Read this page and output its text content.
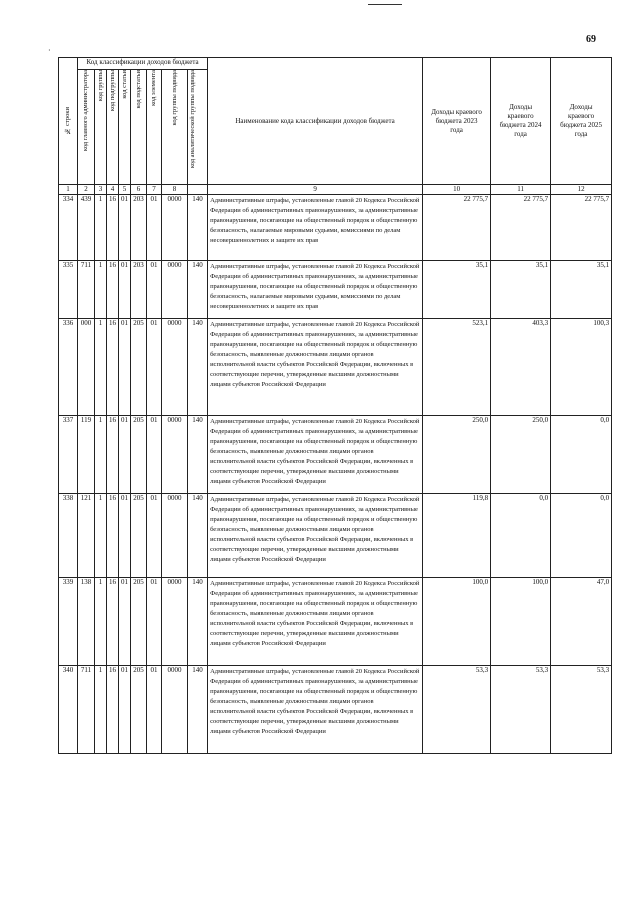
69
·
№ строки	Код классификации доходов бюджета								Наименование кода классификации доходов бюджета	Доходы краевого бюджета 2023 года	Доходы краевого бюджета 2024 года	Доходы краевого бюджета 2025 года

	код главного администратора	код группы	код подгруппы	код статьи	код подстатьи	код элемента	код группы подвида	код аналитической группы подвида				

1	2	3	4	5	6	7	8		9	10	11	12
334	439	1	16	01	203	01	0000	140	Административные штрафы, установленные главой 20 Кодекса Российской Федерации об административных правонарушениях, за административные правонарушения, посягающие на общественный порядок и общественную безопасность, налагаемые мировыми судьями, комиссиями по делам несовершеннолетних и защите их прав	22 775,7	22 775,7	22 775,7
335	711	1	16	01	203	01	0000	140	Административные штрафы, установленные главой 20 Кодекса Российской Федерации об административных правонарушениях, за административные правонарушения, посягающие на общественный порядок и общественную безопасность, налагаемые мировыми судьями, комиссиями по делам несовершеннолетних и защите их прав	35,1	35,1	35,1
336	000	1	16	01	205	01	0000	140	Административные штрафы, установленные главой 20 Кодекса Российской Федерации об административных правонарушениях, за административные правонарушения, посягающие на общественный порядок и общественную безопасность, выявленные должностными лицами органов исполнительной власти субъектов Российской Федерации, включенных в соответствующие перечни, утвержденные высшими должностными лицами субъектов Российской Федерации	523,1	403,3	100,3
337	119	1	16	01	205	01	0000	140	Административные штрафы, установленные главой 20 Кодекса Российской Федерации об административных правонарушениях, за административные правонарушения, посягающие на общественный порядок и общественную безопасность, выявленные должностными лицами органов исполнительной власти субъектов Российской Федерации, включенных в соответствующие перечни, утвержденные высшими должностными лицами субъектов Российской Федерации	250,0	250,0	0,0
338	121	1	16	01	205	01	0000	140	Административные штрафы, установленные главой 20 Кодекса Российской Федерации об административных правонарушениях, за административные правонарушения, посягающие на общественный порядок и общественную безопасность, выявленные должностными лицами органов исполнительной власти субъектов Российской Федерации, включенных в соответствующие перечни, утвержденные высшими должностными лицами субъектов Российской Федерации	119,8	0,0	0,0
339	138	1	16	01	205	01	0000	140	Административные штрафы, установленные главой 20 Кодекса Российской Федерации об административных правонарушениях, за административные правонарушения, посягающие на общественный порядок и общественную безопасность, выявленные должностными лицами органов исполнительной власти субъектов Российской Федерации, включенных в соответствующие перечни, утвержденные высшими должностными лицами субъектов Российской Федерации	100,0	100,0	47,0
340	711	1	16	01	205	01	0000	140	Административные штрафы, установленные главой 20 Кодекса Российской Федерации об административных правонарушениях, за административные правонарушения, посягающие на общественный порядок и общественную безопасность, выявленные должностными лицами органов исполнительной власти субъектов Российской Федерации, включенных в соответствующие перечни, утвержденные высшими должностными лицами субъектов Российской Федерации	53,3	53,3	53,3
